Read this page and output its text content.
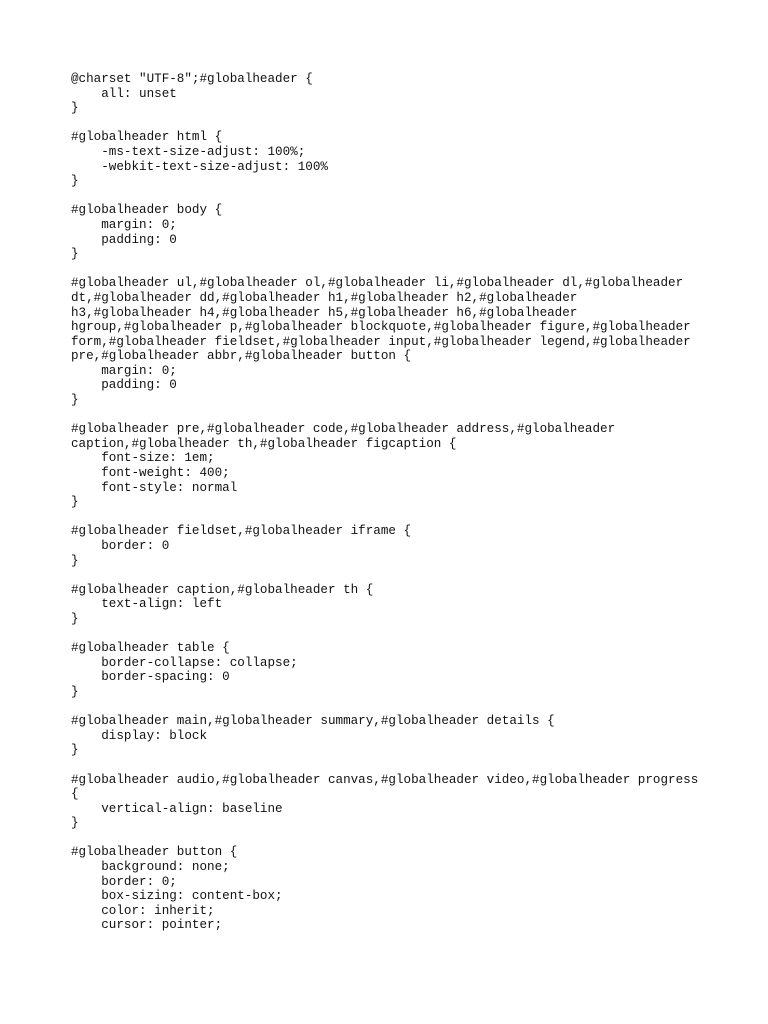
@charset "UTF-8";#globalheader {
all: unset
}
#globalheader html {
-ms-text-size-adjust: 100%;
-webkit-text-size-adjust: 100%
}
#globalheader body {
margin: 0;
padding: 0
}
#globalheader ul,#globalheader ol,#globalheader li,#globalheader dl,#globalheader
dt,#globalheader dd,#globalheader h1,#globalheader h2,#globalheader
h3,#globalheader h4,#globalheader h5,#globalheader h6,#globalheader
hgroup,#globalheader p,#globalheader blockquote,#globalheader figure,#globalheader
form,#globalheader fieldset,#globalheader input,#globalheader legend,#globalheader
pre,#globalheader abbr,#globalheader button {
margin: 0;
padding: 0
}
#globalheader pre,#globalheader code,#globalheader address,#globalheader
caption,#globalheader th,#globalheader figcaption {
font-size: 1em;
font-weight: 400;
font-style: normal
}
#globalheader fieldset,#globalheader iframe {
border: 0
}
#globalheader caption,#globalheader th {
text-align: left
}
#globalheader table {
border-collapse: collapse;
border-spacing: 0
}
#globalheader main,#globalheader summary,#globalheader details {
display: block
}
#globalheader audio,#globalheader canvas,#globalheader video,#globalheader progress
{
vertical-align: baseline
}
#globalheader button {
background: none;
border: 0;
box-sizing: content-box;
color: inherit;
cursor: pointer;
